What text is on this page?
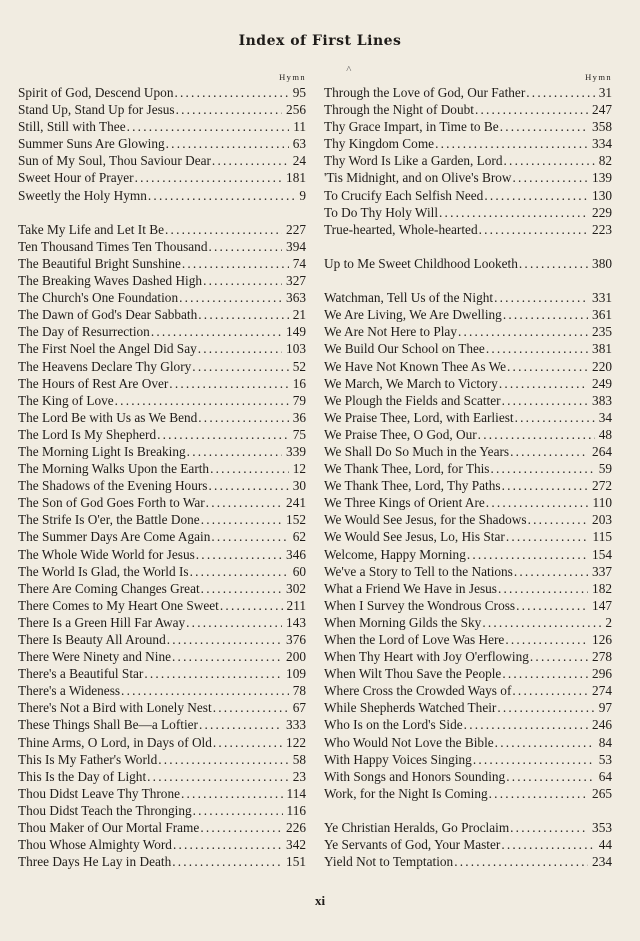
Index of First Lines
˄
Hymn
Spirit of God, Descend Upon .....	95
Stand Up, Stand Up for Jesus .....	256
Still, Still with Thee .....	11
Summer Suns Are Glowing .....	63
Sun of My Soul, Thou Saviour Dear .....	24
Sweet Hour of Prayer .....	181
Sweetly the Holy Hymn .....	9
Take My Life and Let It Be .....	227
Ten Thousand Times Ten Thousand .....	394
The Beautiful Bright Sunshine .....	74
The Breaking Waves Dashed High .....	327
The Church's One Foundation .....	363
The Dawn of God's Dear Sabbath .....	21
The Day of Resurrection .....	149
The First Noel the Angel Did Say .....	103
The Heavens Declare Thy Glory .....	52
The Hours of Rest Are Over .....	16
The King of Love .....	79
The Lord Be with Us as We Bend .....	36
The Lord Is My Shepherd .....	75
The Morning Light Is Breaking .....	339
The Morning Walks Upon the Earth .....	12
The Shadows of the Evening Hours .....	30
The Son of God Goes Forth to War .....	241
The Strife Is O'er, the Battle Done .....	152
The Summer Days Are Come Again .....	62
The Whole Wide World for Jesus .....	346
The World Is Glad, the World Is .....	60
There Are Coming Changes Great .....	302
There Comes to My Heart One Sweet .....	211
There Is a Green Hill Far Away .....	143
There Is Beauty All Around .....	376
There Were Ninety and Nine .....	200
There's a Beautiful Star .....	109
There's a Wideness .....	78
There's Not a Bird with Lonely Nest .....	67
These Things Shall Be—a Loftier .....	333
Thine Arms, O Lord, in Days of Old .....	122
This Is My Father's World .....	58
This Is the Day of Light .....	23
Thou Didst Leave Thy Throne .....	114
Thou Didst Teach the Thronging .....	116
Thou Maker of Our Mortal Frame .....	226
Thou Whose Almighty Word .....	342
Three Days He Lay in Death .....	151
Hymn
Through the Love of God, Our Father .....	31
Through the Night of Doubt .....	247
Thy Grace Impart, in Time to Be .....	358
Thy Kingdom Come .....	334
Thy Word Is Like a Garden, Lord .....	82
'Tis Midnight, and on Olive's Brow .....	139
To Crucify Each Selfish Need .....	130
To Do Thy Holy Will .....	229
True-hearted, Whole-hearted .....	223
Up to Me Sweet Childhood Looketh .....	380
Watchman, Tell Us of the Night .....	331
We Are Living, We Are Dwelling .....	361
We Are Not Here to Play .....	235
We Build Our School on Thee .....	381
We Have Not Known Thee As We .....	220
We March, We March to Victory .....	249
We Plough the Fields and Scatter .....	383
We Praise Thee, Lord, with Earliest .....	34
We Praise Thee, O God, Our .....	48
We Shall Do So Much in the Years .....	264
We Thank Thee, Lord, for This .....	59
We Thank Thee, Lord, Thy Paths .....	272
We Three Kings of Orient Are .....	110
We Would See Jesus, for the Shadows .....	203
We Would See Jesus, Lo, His Star .....	115
Welcome, Happy Morning .....	154
We've a Story to Tell to the Nations .....	337
What a Friend We Have in Jesus .....	182
When I Survey the Wondrous Cross .....	147
When Morning Gilds the Sky .....	2
When the Lord of Love Was Here .....	126
When Thy Heart with Joy O'erflowing .....	278
When Wilt Thou Save the People .....	296
Where Cross the Crowded Ways of .....	274
While Shepherds Watched Their .....	97
Who Is on the Lord's Side .....	246
Who Would Not Love the Bible .....	84
With Happy Voices Singing .....	53
With Songs and Honors Sounding .....	64
Work, for the Night Is Coming .....	265
Ye Christian Heralds, Go Proclaim .....	353
Ye Servants of God, Your Master .....	44
Yield Not to Temptation .....	234
xi
